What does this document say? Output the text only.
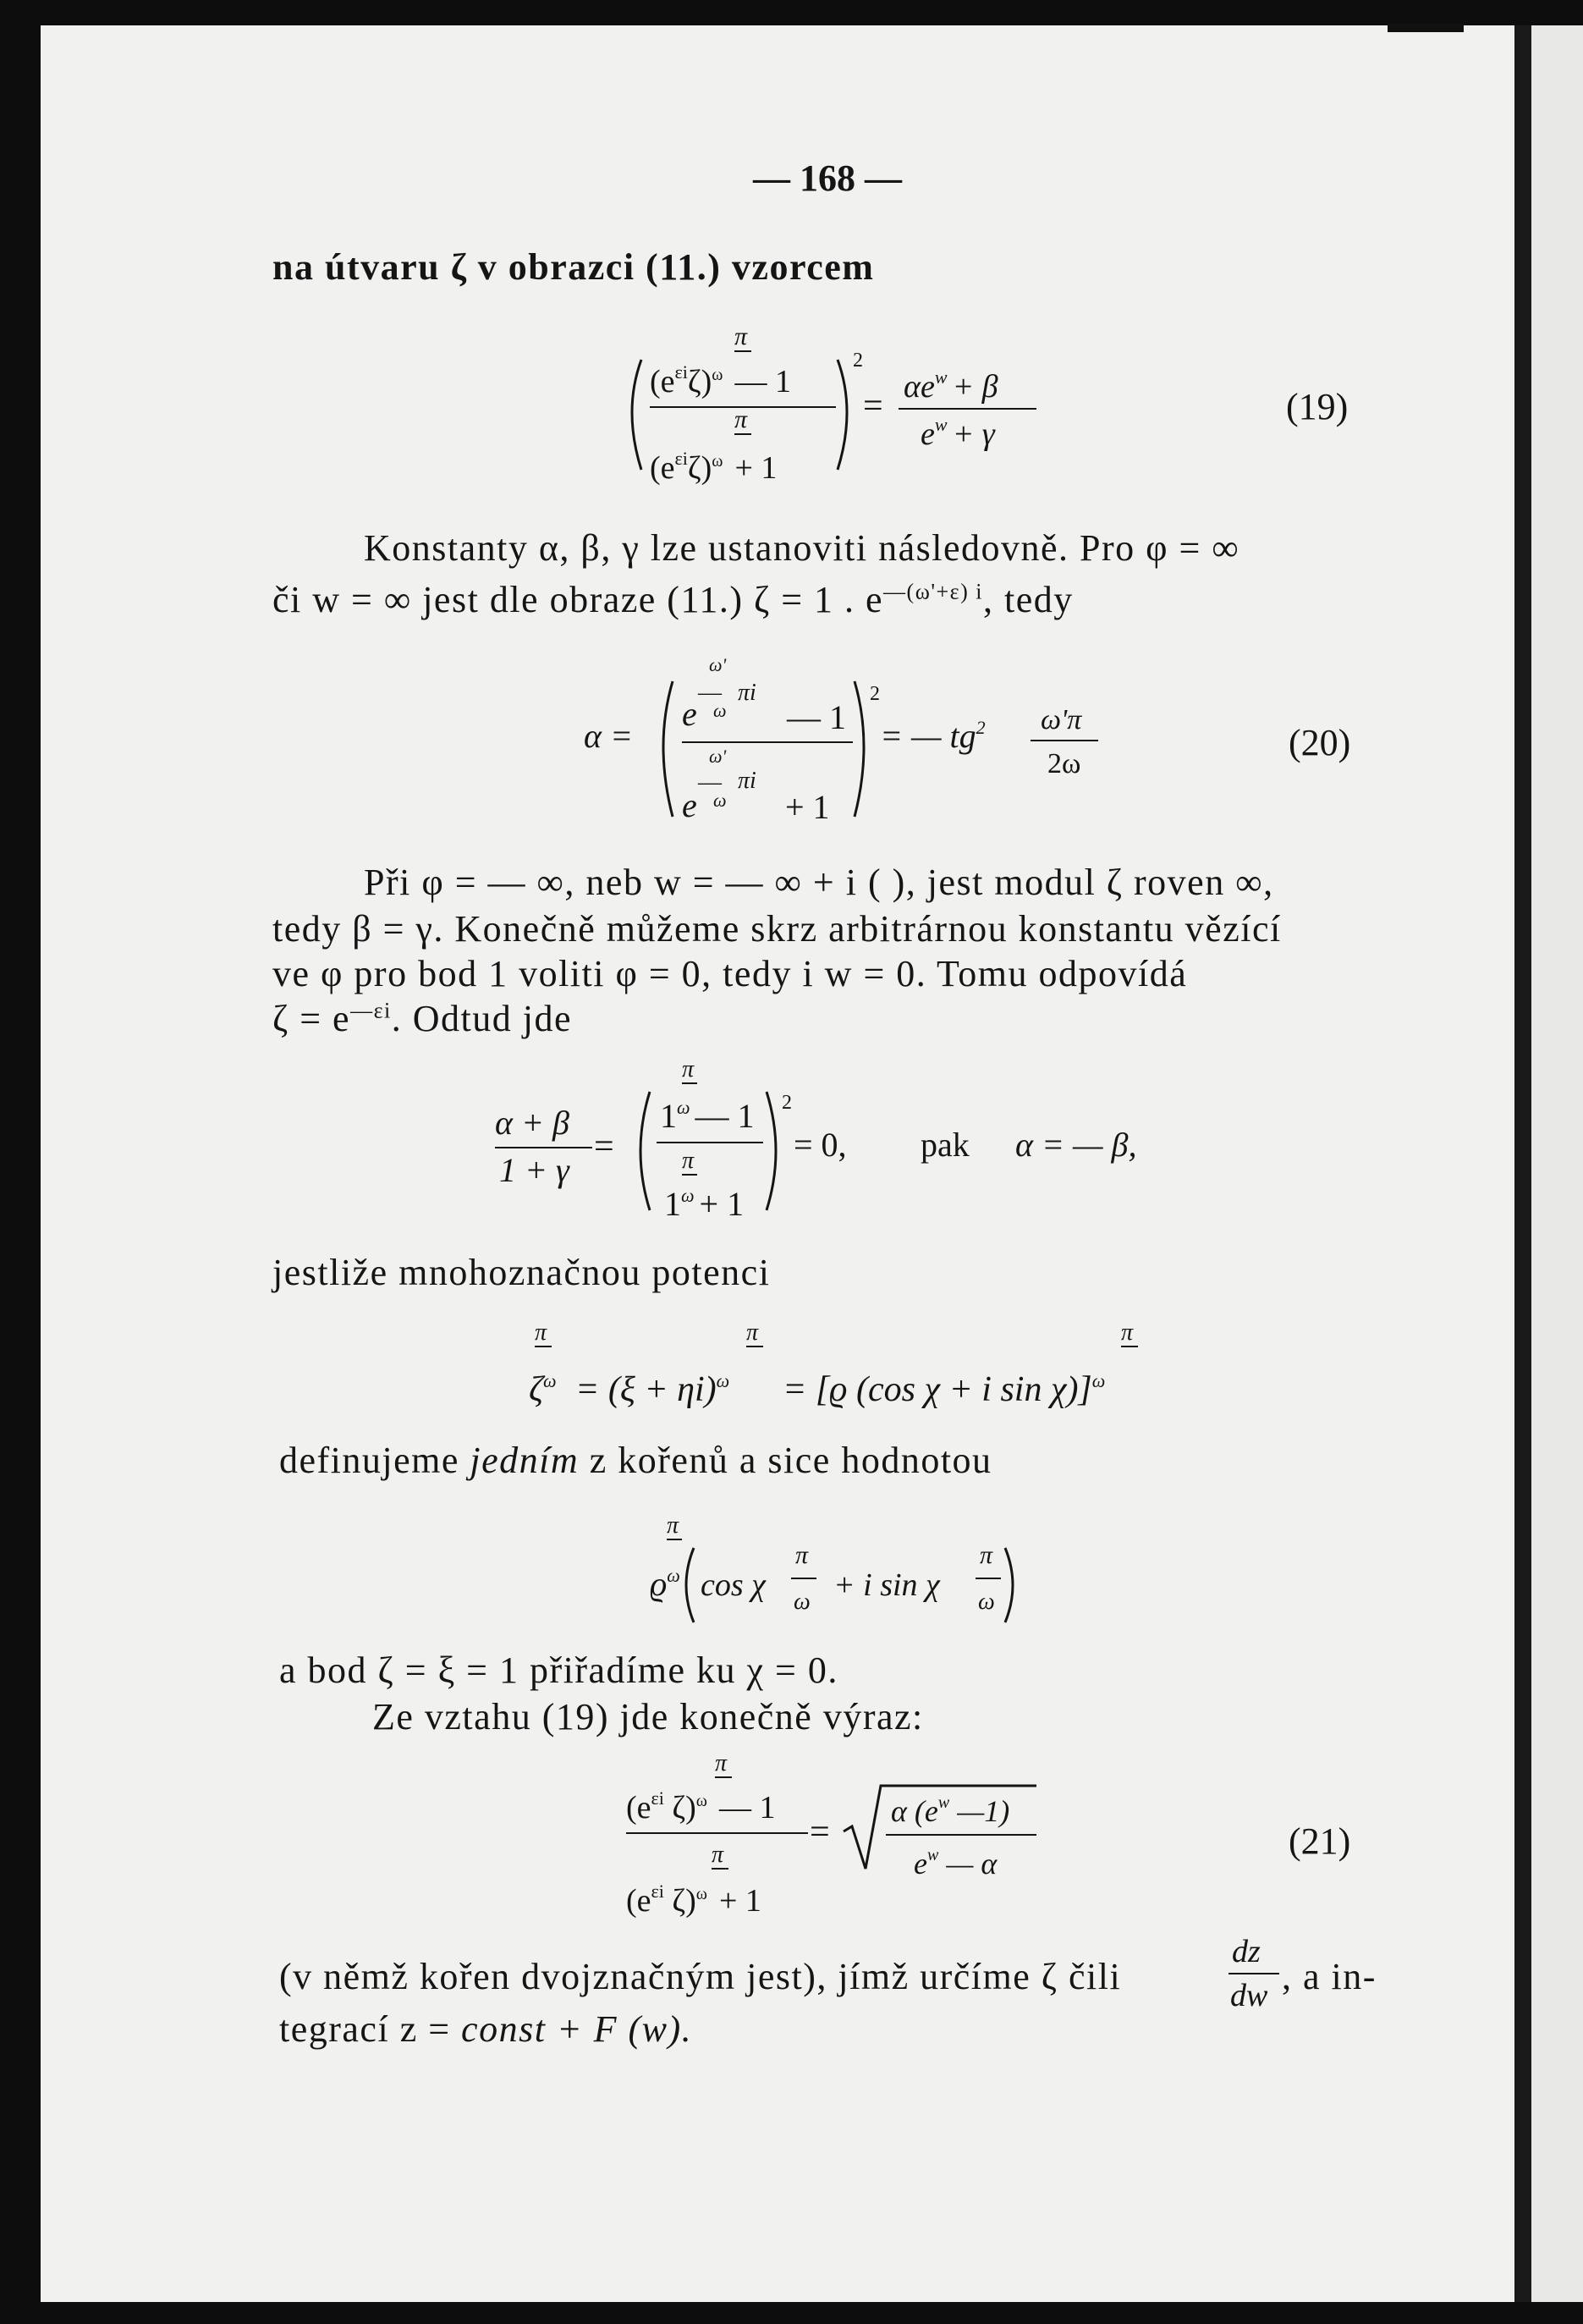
— 168 —
na útvaru ζ v obrazci (11.) vzorcem
π
$(e^{\varepsilon i}\zeta)^\omega$ — 1
π
$(e^{\varepsilon i}\zeta)^\omega + 1$
2
= $\alpha e^w + \beta$
$e^w + \gamma$
(19)
Konstanty α, β, γ lze ustanoviti následovně. Pro φ = ∞
či w = ∞ jest dle obraze (11.) ζ = 1 . $e^{—(\omega'+\varepsilon) i}$, tedy
α =
ω'
—
ω
πi
e	— 1
ω'
—
ω
πi
e	+ 1
2
= — $tg^2$ ω'π
2ω
(20)
Při φ = — ∞, neb w = — ∞ + i ( ), jest modul ζ roven ∞,
tedy β = γ. Konečně můžeme skrz arbitrárnou konstantu vězící
ve φ pro bod 1 voliti φ = 0, tedy i w = 0. Tomu odpovídá
$\zeta = e^{—\varepsilon i}$. Odtud jde
α + β
1 + γ
=
π
$1^\omega$ — 1
π
$1^\omega + 1$
2
= 0, pak α = — β,
jestliže mnohoznačnou potenci
π
$\zeta^\omega$
π
= $(\xi + \eta i)^\omega$
π
= [ϱ (cos χ + i sin χ)]$^\omega$
definujeme jedním z kořenů a sice hodnotou
π
$ϱ^\omega$ cos χ
π
ω + i sin χ
π
ω
a bod ζ = ξ = 1 přiřadíme ku χ = 0.
Ze vztahu (19) jde konečně výraz:
π
($e^{\varepsilon i}$ ζ)$^\omega$ — 1
π
($e^{\varepsilon i}$ ζ)$^\omega$ + 1
=
α ($e^w$ —1)
$e^w$ — α
(21)
(v němž kořen dvojznačným jest), jímž určíme ζ čili
dz
dw , a in-
tegrací z = const + F (w).
